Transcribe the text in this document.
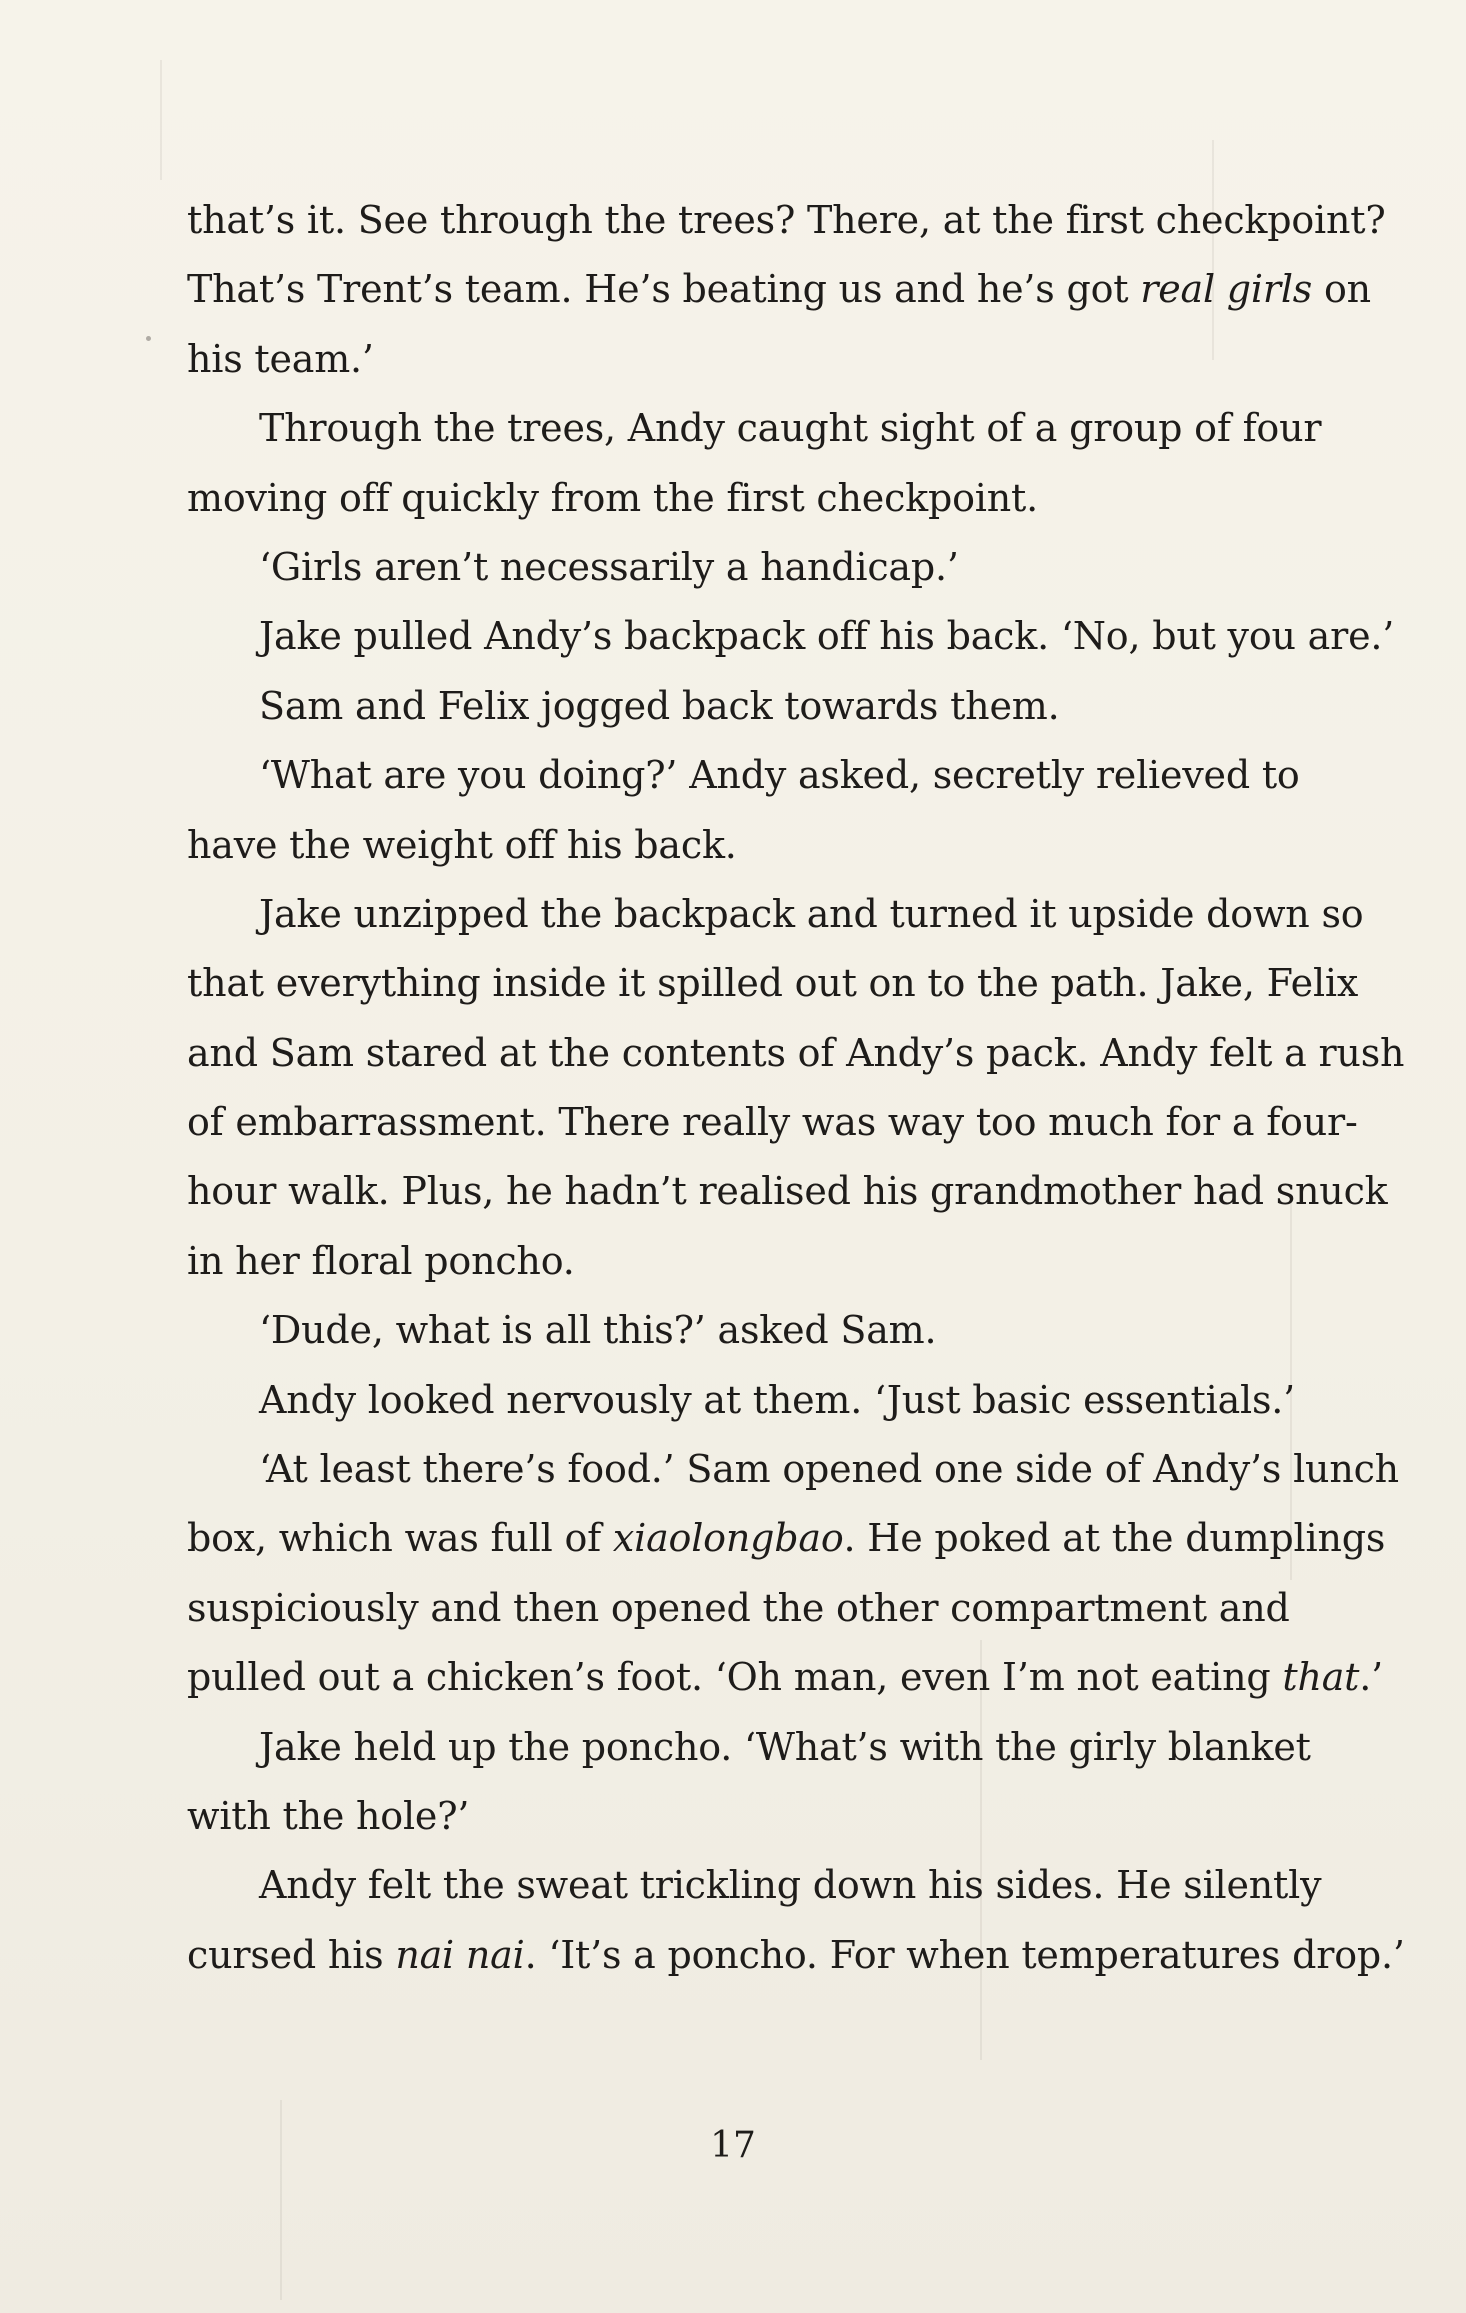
that’s it. See through the trees? There, at the first checkpoint?
That’s Trent’s team. He’s beating us and he’s got real girls on
his team.’
Through the trees, Andy caught sight of a group of four
moving off quickly from the first checkpoint.
‘Girls aren’t necessarily a handicap.’
Jake pulled Andy’s backpack off his back. ‘No, but you are.’
Sam and Felix jogged back towards them.
‘What are you doing?’ Andy asked, secretly relieved to
have the weight off his back.
Jake unzipped the backpack and turned it upside down so
that everything inside it spilled out on to the path. Jake, Felix
and Sam stared at the contents of Andy’s pack. Andy felt a rush
of embarrassment. There really was way too much for a four-
hour walk. Plus, he hadn’t realised his grandmother had snuck
in her floral poncho.
‘Dude, what is all this?’ asked Sam.
Andy looked nervously at them. ‘Just basic essentials.’
‘At least there’s food.’ Sam opened one side of Andy’s lunch
box, which was full of xiaolongbao. He poked at the dumplings
suspiciously and then opened the other compartment and
pulled out a chicken’s foot. ‘Oh man, even I’m not eating that.’
Jake held up the poncho. ‘What’s with the girly blanket
with the hole?’
Andy felt the sweat trickling down his sides. He silently
cursed his nai nai. ‘It’s a poncho. For when temperatures drop.’
17
